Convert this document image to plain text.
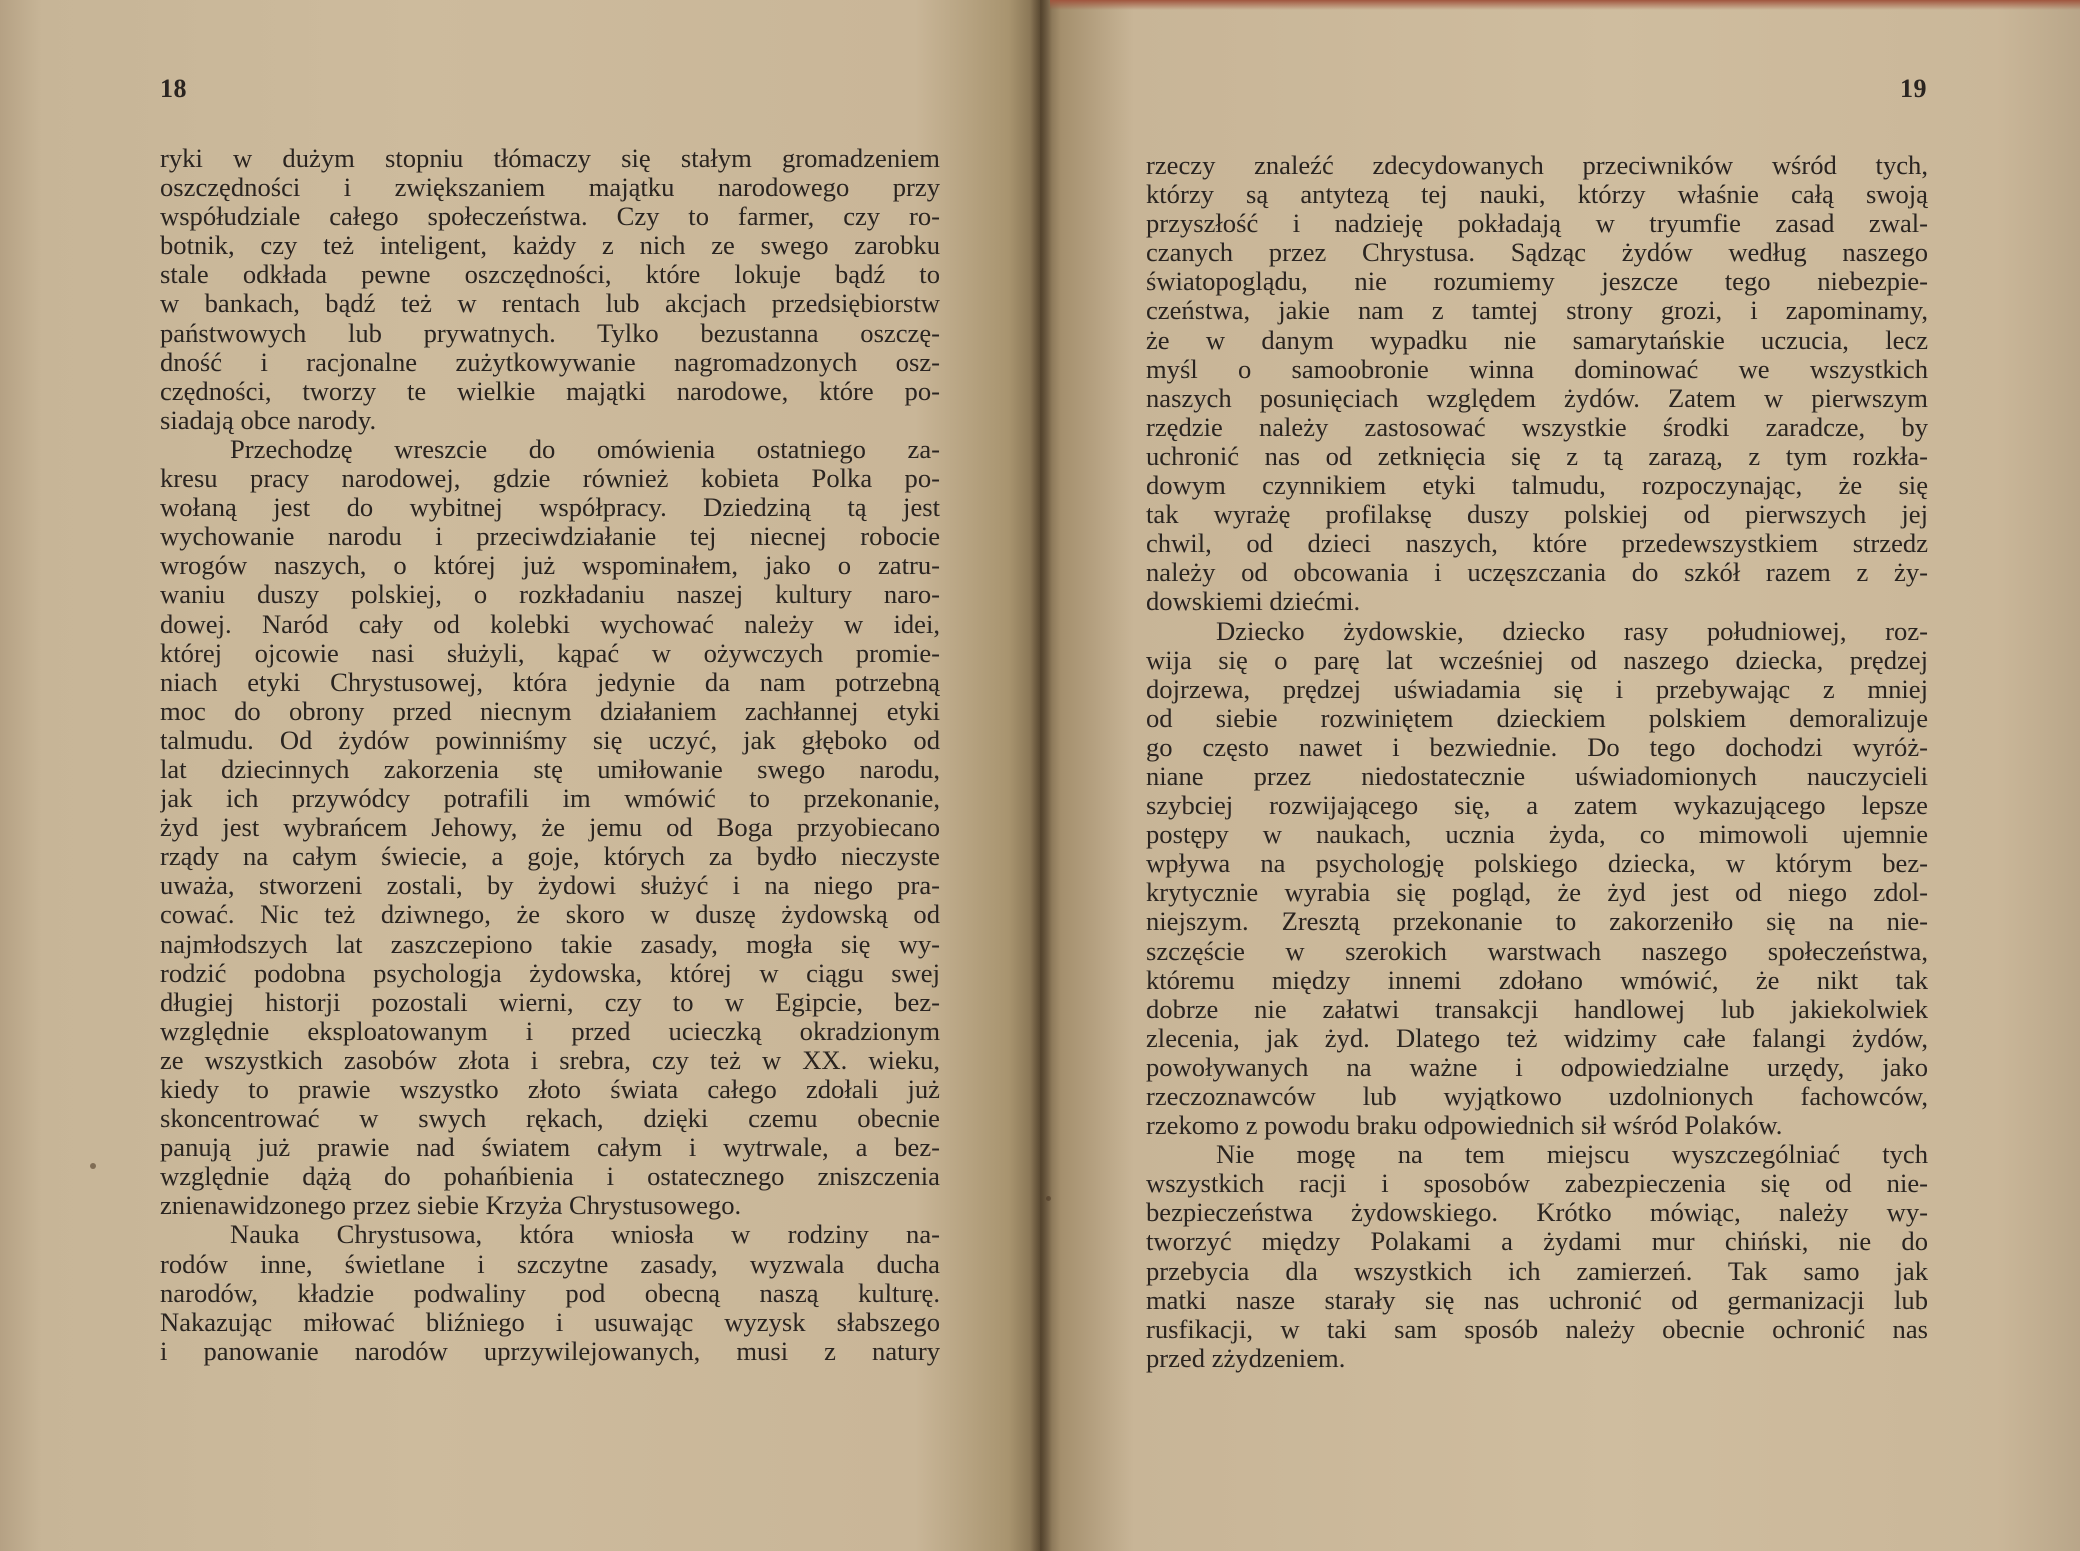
18
ryki w dużym stopniu tłómaczy się stałym gromadzeniem
oszczędności i zwiększaniem majątku narodowego przy
współudziale całego społeczeństwa. Czy to farmer, czy ro-
botnik, czy też inteligent, każdy z nich ze swego zarobku
stale odkłada pewne oszczędności, które lokuje bądź to
w bankach, bądź też w rentach lub akcjach przedsiębiorstw
państwowych lub prywatnych. Tylko bezustanna oszczę-
dność i racjonalne zużytkowywanie nagromadzonych osz-
czędności, tworzy te wielkie majątki narodowe, które po-
siadają obce narody.
Przechodzę wreszcie do omówienia ostatniego za-
kresu pracy narodowej, gdzie również kobieta Polka po-
wołaną jest do wybitnej współpracy. Dziedziną tą jest
wychowanie narodu i przeciwdziałanie tej niecnej robocie
wrogów naszych, o której już wspominałem, jako o zatru-
waniu duszy polskiej, o rozkładaniu naszej kultury naro-
dowej. Naród cały od kolebki wychować należy w idei,
której ojcowie nasi służyli, kąpać w ożywczych promie-
niach etyki Chrystusowej, która jedynie da nam potrzebną
moc do obrony przed niecnym działaniem zachłannej etyki
talmudu. Od żydów powinniśmy się uczyć, jak głęboko od
lat dziecinnych zakorzenia stę umiłowanie swego narodu,
jak ich przywódcy potrafili im wmówić to przekonanie,
żyd jest wybrańcem Jehowy, że jemu od Boga przyobiecano
rządy na całym świecie, a goje, których za bydło nieczyste
uważa, stworzeni zostali, by żydowi służyć i na niego pra-
cować. Nic też dziwnego, że skoro w duszę żydowską od
najmłodszych lat zaszczepiono takie zasady, mogła się wy-
rodzić podobna psychologja żydowska, której w ciągu swej
długiej historji pozostali wierni, czy to w Egipcie, bez-
względnie eksploatowanym i przed ucieczką okradzionym
ze wszystkich zasobów złota i srebra, czy też w XX. wieku,
kiedy to prawie wszystko złoto świata całego zdołali już
skoncentrować w swych rękach, dzięki czemu obecnie
panują już prawie nad światem całym i wytrwale, a bez-
względnie dążą do pohańbienia i ostatecznego zniszczenia
znienawidzonego przez siebie Krzyża Chrystusowego.
Nauka Chrystusowa, która wniosła w rodziny na-
rodów inne, świetlane i szczytne zasady, wyzwala ducha
narodów, kładzie podwaliny pod obecną naszą kulturę.
Nakazując miłować bliźniego i usuwając wyzysk słabszego
i panowanie narodów uprzywilejowanych, musi z natury
19
rzeczy znaleźć zdecydowanych przeciwników wśród tych,
którzy są antytezą tej nauki, którzy właśnie całą swoją
przyszłość i nadzieję pokładają w tryumfie zasad zwal-
czanych przez Chrystusa. Sądząc żydów według naszego
światopoglądu, nie rozumiemy jeszcze tego niebezpie-
czeństwa, jakie nam z tamtej strony grozi, i zapominamy,
że w danym wypadku nie samarytańskie uczucia, lecz
myśl o samoobronie winna dominować we wszystkich
naszych posunięciach względem żydów. Zatem w pierwszym
rzędzie należy zastosować wszystkie środki zaradcze, by
uchronić nas od zetknięcia się z tą zarazą, z tym rozkła-
dowym czynnikiem etyki talmudu, rozpoczynając, że się
tak wyrażę profilaksę duszy polskiej od pierwszych jej
chwil, od dzieci naszych, które przedewszystkiem strzedz
należy od obcowania i uczęszczania do szkół razem z ży-
dowskiemi dziećmi.
Dziecko żydowskie, dziecko rasy południowej, roz-
wija się o parę lat wcześniej od naszego dziecka, prędzej
dojrzewa, prędzej uświadamia się i przebywając z mniej
od siebie rozwiniętem dzieckiem polskiem demoralizuje
go często nawet i bezwiednie. Do tego dochodzi wyróż-
niane przez niedostatecznie uświadomionych nauczycieli
szybciej rozwijającego się, a zatem wykazującego lepsze
postępy w naukach, ucznia żyda, co mimowoli ujemnie
wpływa na psychologję polskiego dziecka, w którym bez-
krytycznie wyrabia się pogląd, że żyd jest od niego zdol-
niejszym. Zresztą przekonanie to zakorzeniło się na nie-
szczęście w szerokich warstwach naszego społeczeństwa,
któremu między innemi zdołano wmówić, że nikt tak
dobrze nie załatwi transakcji handlowej lub jakiekolwiek
zlecenia, jak żyd. Dlatego też widzimy całe falangi żydów,
powoływanych na ważne i odpowiedzialne urzędy, jako
rzeczoznawców lub wyjątkowo uzdolnionych fachowców,
rzekomo z powodu braku odpowiednich sił wśród Polaków.
Nie mogę na tem miejscu wyszczególniać tych
wszystkich racji i sposobów zabezpieczenia się od nie-
bezpieczeństwa żydowskiego. Krótko mówiąc, należy wy-
tworzyć między Polakami a żydami mur chiński, nie do
przebycia dla wszystkich ich zamierzeń. Tak samo jak
matki nasze starały się nas uchronić od germanizacji lub
rusfikacji, w taki sam sposób należy obecnie ochronić nas
przed zżydzeniem.
